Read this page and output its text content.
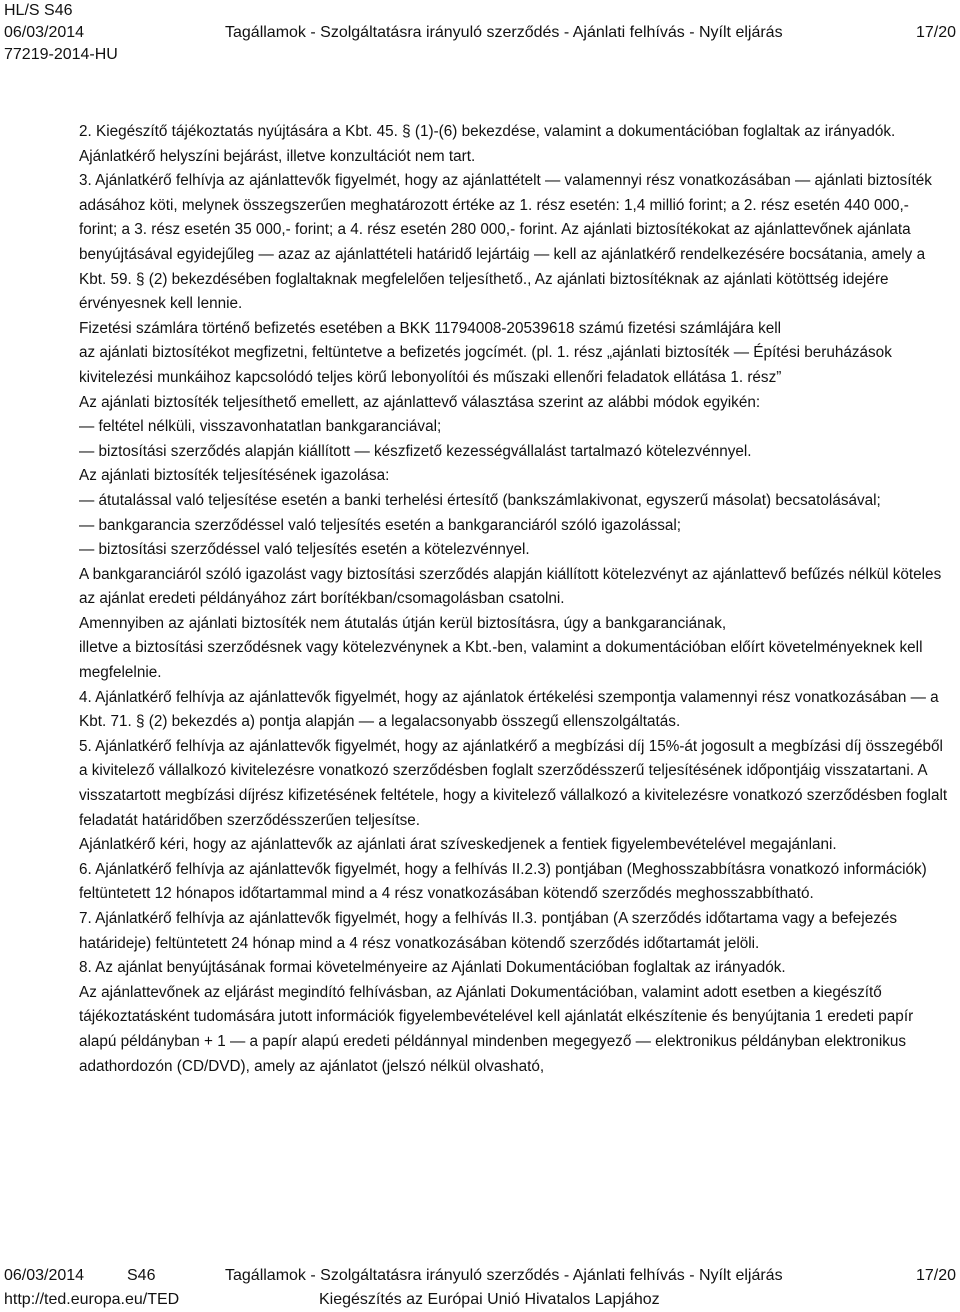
HL/S S46
06/03/2014	Tagállamok - Szolgáltatásra irányuló szerződés - Ajánlati felhívás - Nyílt eljárás	17/20
77219-2014-HU

2. Kiegészítő tájékoztatás nyújtására a Kbt. 45. § (1)-(6) bekezdése, valamint a dokumentációban foglaltak az irányadók. Ajánlatkérő helyszíni bejárást, illetve konzultációt nem tart.

3. Ajánlatkérő felhívja az ajánlattevők figyelmét, hogy az ajánlattételt — valamennyi rész vonatkozásában — ajánlati biztosíték adásához köti, melynek összegszerűen meghatározott értéke az 1. rész esetén: 1,4 millió forint; a 2. rész esetén 440 000,- forint; a 3. rész esetén 35 000,- forint; a 4. rész esetén 280 000,- forint. Az ajánlati biztosítékokat az ajánlattevőnek ajánlata benyújtásával egyidejűleg — azaz az ajánlattételi határidő lejártáig — kell az ajánlatkérő rendelkezésére bocsátania, amely a Kbt. 59. § (2) bekezdésében foglaltaknak megfelelően teljesíthető., Az ajánlati biztosítéknak az ajánlati kötöttség idejére érvényesnek kell lennie.

Fizetési számlára történő befizetés esetében a BKK 11794008-20539618 számú fizetési számlájára kell

az ajánlati biztosítékot megfizetni, feltüntetve a befizetés jogcímét. (pl. 1. rész „ajánlati biztosíték — Építési beruházások kivitelezési munkáihoz kapcsolódó teljes körű lebonyolítói és műszaki ellenőri feladatok ellátása 1. rész”

Az ajánlati biztosíték teljesíthető emellett, az ajánlattevő választása szerint az alábbi módok egyikén:

— feltétel nélküli, visszavonhatatlan bankgaranciával;

— biztosítási szerződés alapján kiállított — készfizető kezességvállalást tartalmazó kötelezvénnyel.

Az ajánlati biztosíték teljesítésének igazolása:

— átutalással való teljesítése esetén a banki terhelési értesítő (bankszámlakivonat, egyszerű másolat) becsatolásával;

— bankgarancia szerződéssel való teljesítés esetén a bankgaranciáról szóló igazolással;

— biztosítási szerződéssel való teljesítés esetén a kötelezvénnyel.

A bankgaranciáról szóló igazolást vagy biztosítási szerződés alapján kiállított kötelezvényt az ajánlattevő befűzés nélkül köteles az ajánlat eredeti példányához zárt borítékban/csomagolásban csatolni.

Amennyiben az ajánlati biztosíték nem átutalás útján kerül biztosításra, úgy a bankgaranciának,

illetve a biztosítási szerződésnek vagy kötelezvénynek a Kbt.-ben, valamint a dokumentációban előírt követelményeknek kell megfelelnie.

4. Ajánlatkérő felhívja az ajánlattevők figyelmét, hogy az ajánlatok értékelési szempontja valamennyi rész vonatkozásában — a Kbt. 71. § (2) bekezdés a) pontja alapján — a legalacsonyabb összegű ellenszolgáltatás.

5. Ajánlatkérő felhívja az ajánlattevők figyelmét, hogy az ajánlatkérő a megbízási díj 15%-át jogosult a megbízási díj összegéből a kivitelező vállalkozó kivitelezésre vonatkozó szerződésben foglalt szerződésszerű teljesítésének időpontjáig visszatartani. A visszatartott megbízási díjrész kifizetésének feltétele, hogy a kivitelező vállalkozó a kivitelezésre vonatkozó szerződésben foglalt feladatát határidőben szerződésszerűen teljesítse.

Ajánlatkérő kéri, hogy az ajánlattevők az ajánlati árat szíveskedjenek a fentiek figyelembevételével megajánlani.

6. Ajánlatkérő felhívja az ajánlattevők figyelmét, hogy a felhívás II.2.3) pontjában (Meghosszabbításra vonatkozó információk) feltüntetett 12 hónapos időtartammal mind a 4 rész vonatkozásában kötendő szerződés meghosszabbítható.

7. Ajánlatkérő felhívja az ajánlattevők figyelmét, hogy a felhívás II.3. pontjában (A szerződés időtartama vagy a befejezés határideje) feltüntetett 24 hónap mind a 4 rész vonatkozásában kötendő szerződés időtartamát jelöli.

8. Az ajánlat benyújtásának formai követelményeire az Ajánlati Dokumentációban foglaltak az irányadók.

Az ajánlattevőnek az eljárást megindító felhívásban, az Ajánlati Dokumentációban, valamint adott esetben a kiegészítő tájékoztatásként tudomására jutott információk figyelembevételével kell ajánlatát elkészítenie és benyújtania 1 eredeti papír alapú példányban + 1 — a papír alapú eredeti példánnyal mindenben megegyező — elektronikus példányban elektronikus adathordozón (CD/DVD), amely az ajánlatot (jelszó nélkül olvasható,

06/03/2014	S46	Tagállamok - Szolgáltatásra irányuló szerződés - Ajánlati felhívás - Nyílt eljárás	17/20
http://ted.europa.eu/TED	Kiegészítés az Európai Unió Hivatalos Lapjához
